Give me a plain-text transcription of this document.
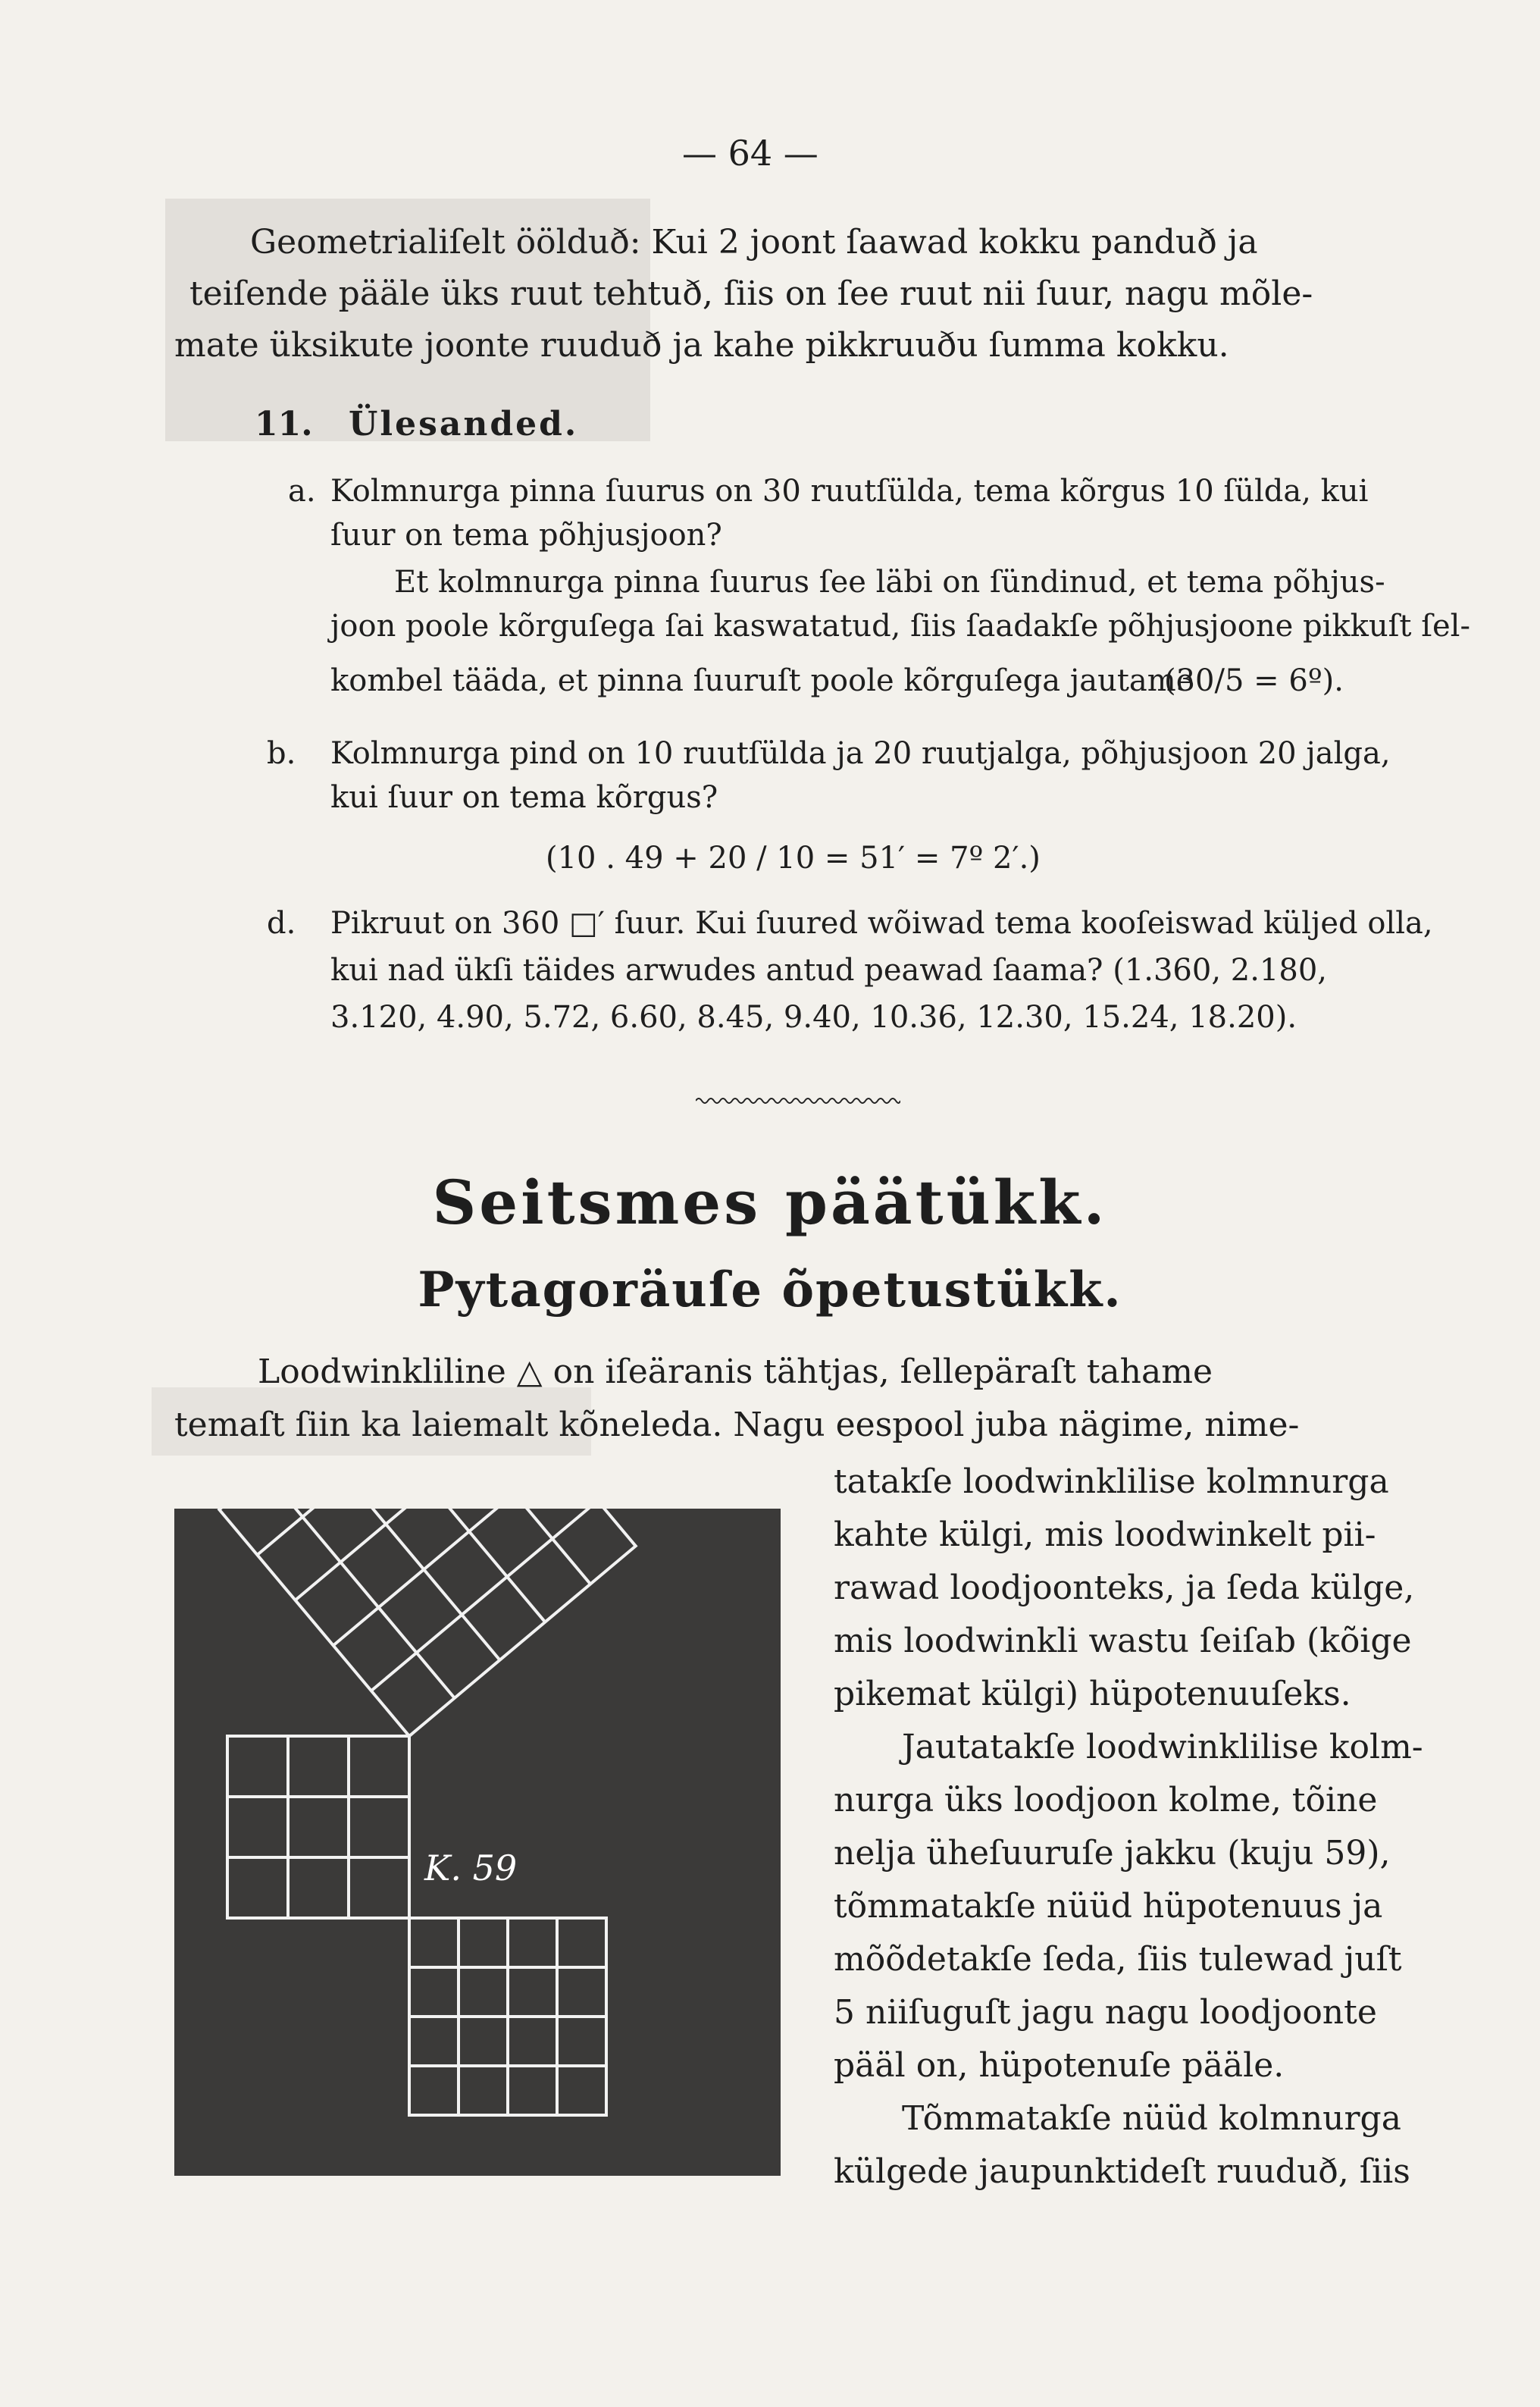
— 64 —
Geometrialiſelt öölduð: Kui 2 joont ſaawad kokku panduð ja
teiſende pääle üks ruut tehtuð, ſiis on ſee ruut nii ſuur, nagu mõle-
mate üksikute joonte ruuduð ja kahe pikkruuðu ſumma kokku.
11. Ülesanded.
a. Kolmnurga pinna ſuurus on 30 ruutſülda, tema kõrgus 10 ſülda, kui
ſuur on tema põhjusjoon?
Et kolmnurga pinna ſuurus ſee läbi on ſündinud, et tema põhjus-
joon poole kõrguſega ſai kaswatatud, ſiis ſaadakſe põhjusjoone pikkuſt ſel-
kombel tääda, et pinna ſuuruſt poole kõrguſega jautame
(30/5 = 6º).
b. Kolmnurga pind on 10 ruutſülda ja 20 ruutjalga, põhjusjoon 20 jalga,
kui ſuur on tema kõrgus?
(10 . 49 + 20 / 10 = 51′ = 7º 2′.)
d. Pikruut on 360 □′ ſuur. Kui ſuured wõiwad tema kooſeiswad küljed olla,
kui nad ükſi täides arwudes antud peawad ſaama? (1.360, 2.180,
3.120, 4.90, 5.72, 6.60, 8.45, 9.40, 10.36, 12.30, 15.24, 18.20).
Seitsmes päätükk.
Pytagoräuſe õpetustükk.
Loodwinkliline △ on iſeäranis tähtjas, ſellepäraſt tahame
temaſt ſiin ka laiemalt kõneleda. Nagu eespool juba nägime, nime-
K. 59
tatakſe loodwinklilise kolmnurga
kahte külgi, mis loodwinkelt pii-
rawad loodjoonteks, ja ſeda külge,
mis loodwinkli wastu ſeiſab (kõige
pikemat külgi) hüpotenuuſeks.
Jautatakſe loodwinklilise kolm-
nurga üks loodjoon kolme, tõine
nelja üheſuuruſe jakku (kuju 59),
tõmmatakſe nüüd hüpotenuus ja
mõõdetakſe ſeda, ſiis tulewad juſt
5 niiſuguſt jagu nagu loodjoonte
pääl on, hüpotenuſe pääle.
Tõmmatakſe nüüd kolmnurga
külgede jaupunktideſt ruuduð, ſiis
